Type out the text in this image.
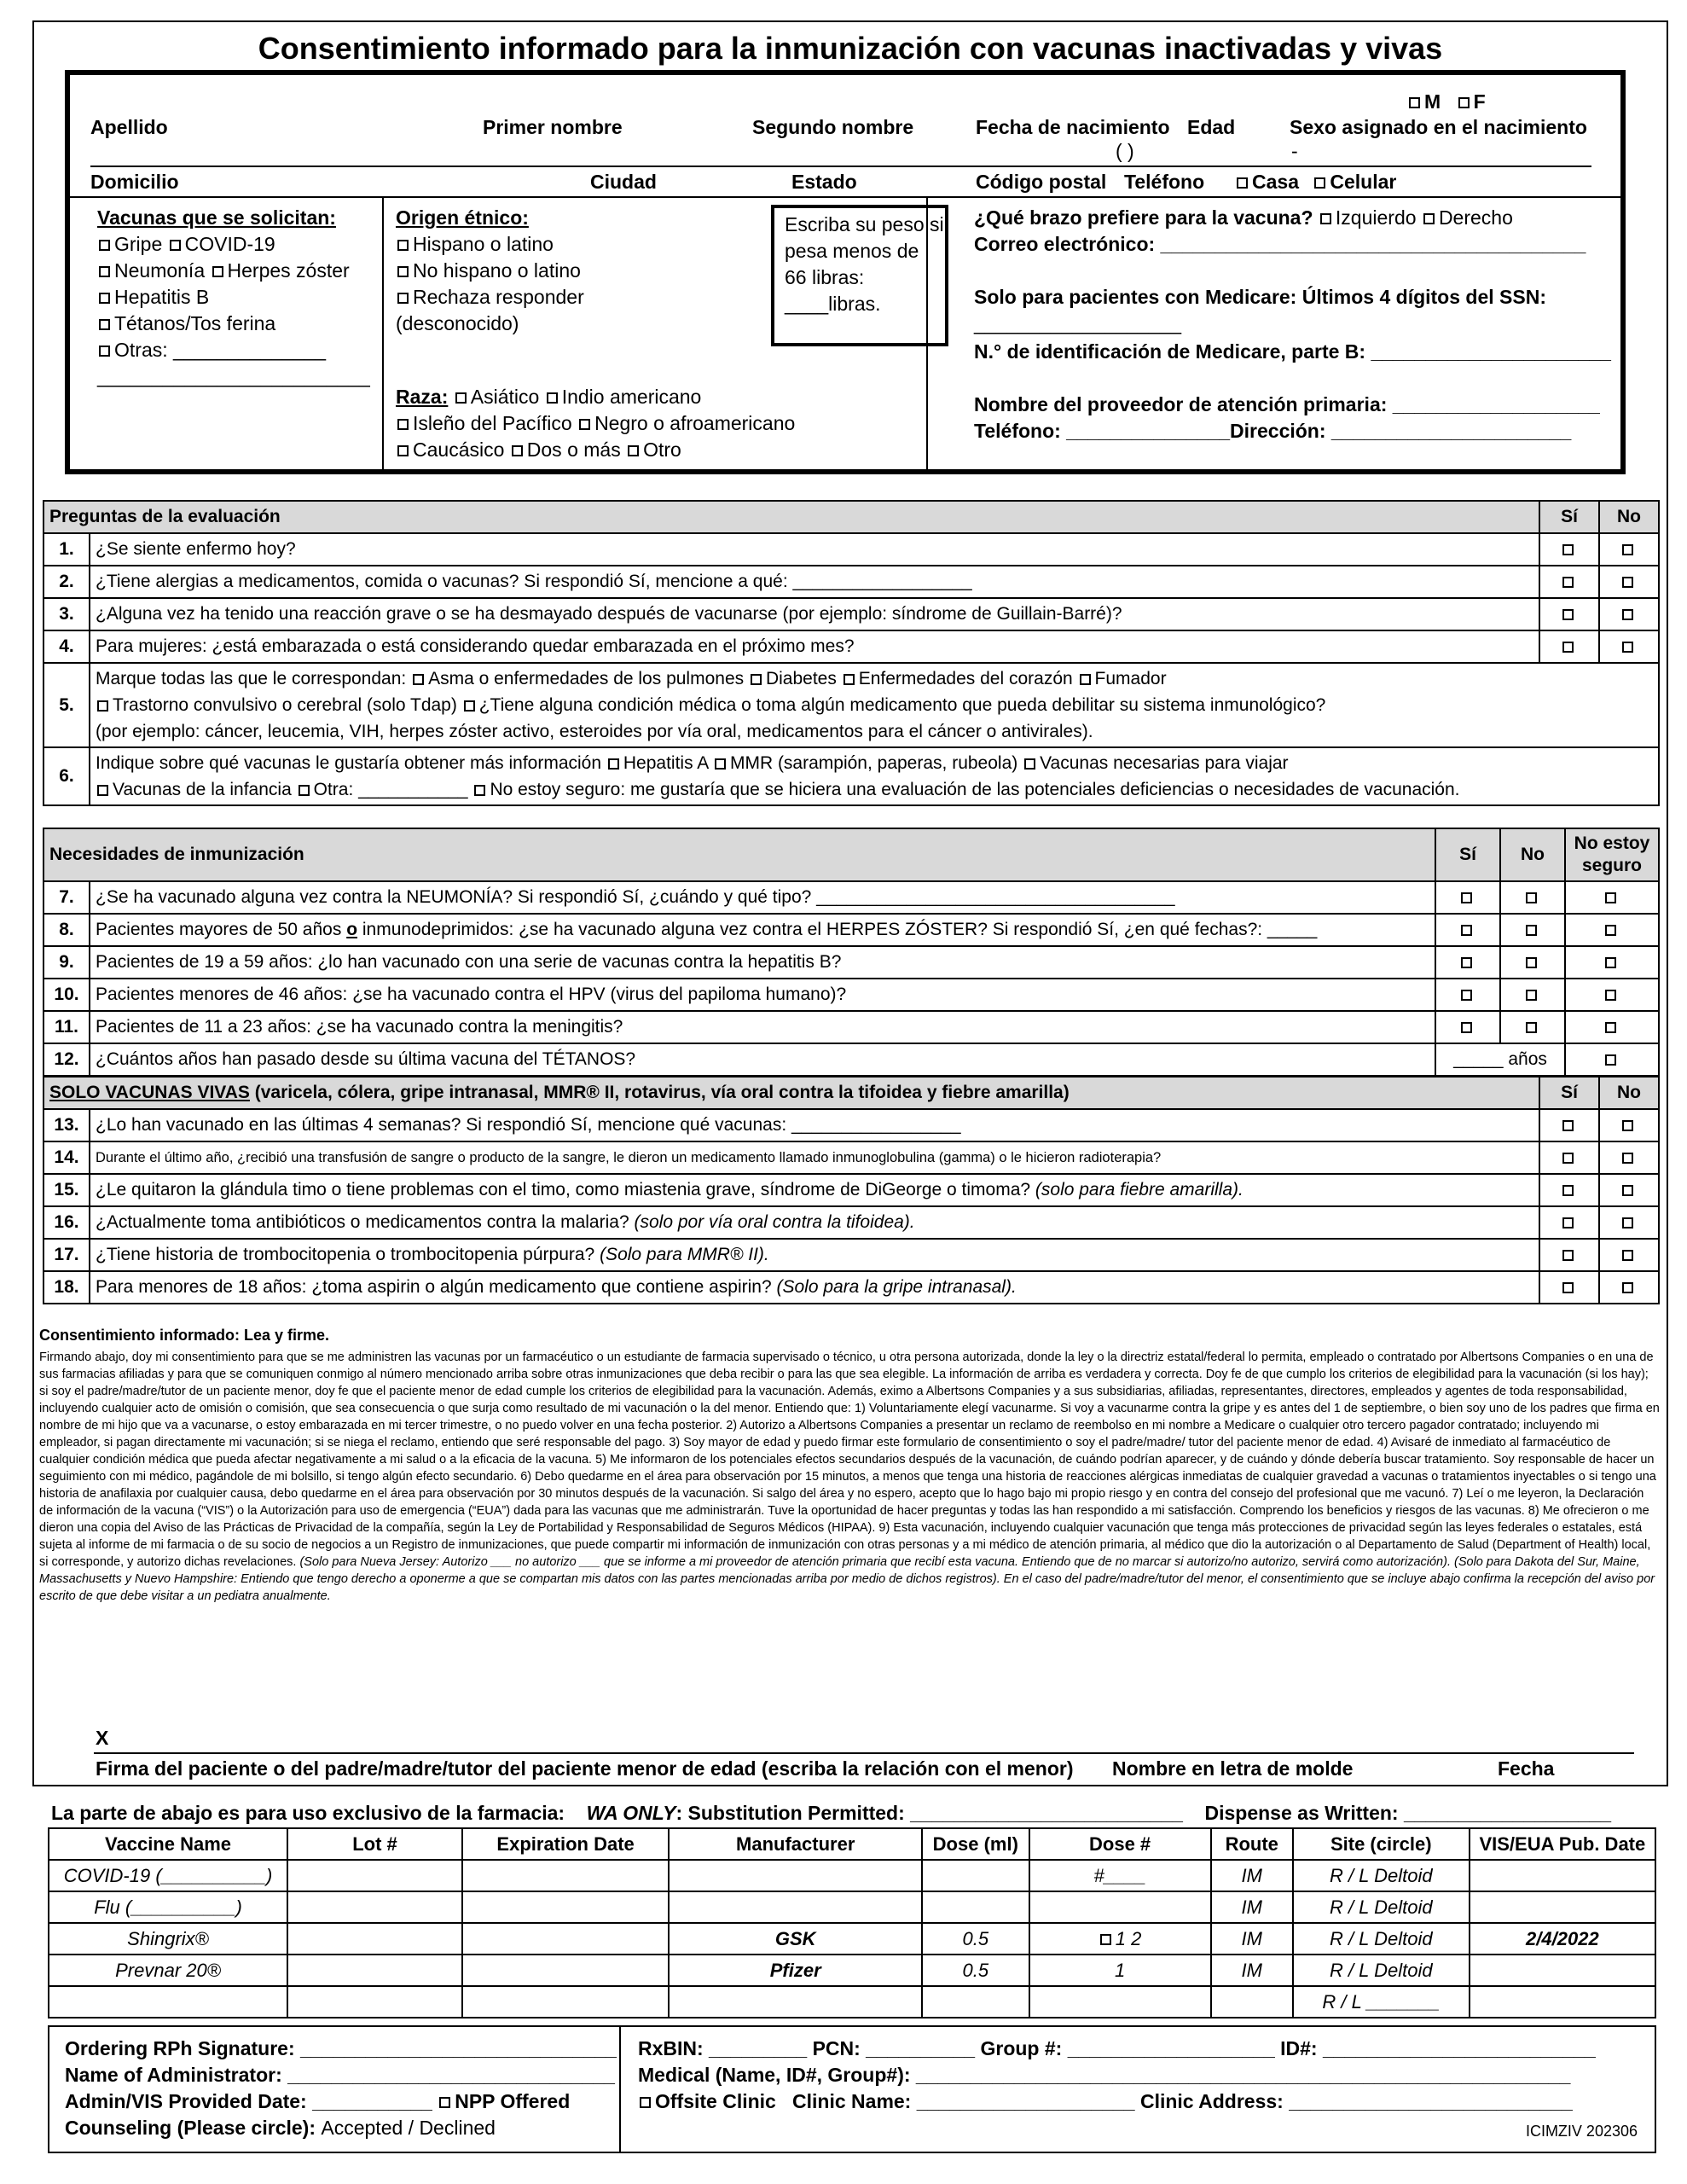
Consentimiento informado para la inmunización con vacunas inactivadas y vivas
M F
Apellido	Primer nombre	Segundo nombre	Fecha de nacimiento Edad	Sexo asignado en el nacimiento
( )	-
Domicilio	Ciudad	Estado	Código postal Teléfono	Casa Celular
Vacunas que se solicitan:
Gripe COVID-19
Neumonía Herpes zóster
Hepatitis B
Tétanos/Tos ferina
Otras: ______________
_________________________
Origen étnico:
Hispano o latino
No hispano o latino
Rechaza responder
(desconocido)
Raza: Asiático Indio americano
Isleño del Pacífico Negro o afroamericano
Caucásico Dos o más Otro
Escriba su peso si
pesa menos de
66 libras:
____libras.
¿Qué brazo prefiere para la vacuna? Izquierdo Derecho
Correo electrónico: _______________________________________
Solo para pacientes con Medicare: Últimos 4 dígitos del SSN:
___________________
N.° de identificación de Medicare, parte B: ______________________
Nombre del proveedor de atención primaria: ___________________
Teléfono: _______________Dirección: ______________________
Preguntas de la evaluación		Sí	No
1.	¿Se siente enfermo hoy?		
2.	¿Tiene alergias a medicamentos, comida o vacunas? Si respondió Sí, mencione a qué: __________________		
3.	¿Alguna vez ha tenido una reacción grave o se ha desmayado después de vacunarse (por ejemplo: síndrome de Guillain-Barré)?		
4.	Para mujeres: ¿está embarazada o está considerando quedar embarazada en el próximo mes?		
5.	Marque todas las que le correspondan: Asma o enfermedades de los pulmones Diabetes Enfermedades del corazón Fumador
Trastorno convulsivo o cerebral (solo Tdap) ¿Tiene alguna condición médica o toma algún medicamento que pueda debilitar su sistema inmunológico?
(por ejemplo: cáncer, leucemia, VIH, herpes zóster activo, esteroides por vía oral, medicamentos para el cáncer o antivirales).		

6.	Indique sobre qué vacunas le gustaría obtener más información Hepatitis A MMR (sarampión, paperas, rubeola) Vacunas necesarias para viajar
Vacunas de la infancia Otra: ___________ No estoy seguro: me gustaría que se hiciera una evaluación de las potenciales deficiencias o necesidades de vacunación.		
Necesidades de inmunización		Sí	No	No estoy
seguro

7.	¿Se ha vacunado alguna vez contra la NEUMONÍA? Si respondió Sí, ¿cuándo y qué tipo? ____________________________________			
8.	Pacientes mayores de 50 años o inmunodeprimidos: ¿se ha vacunado alguna vez contra el HERPES ZÓSTER? Si respondió Sí, ¿en qué fechas?: _____			
9.	Pacientes de 19 a 59 años: ¿lo han vacunado con una serie de vacunas contra la hepatitis B?			
10.	Pacientes menores de 46 años: ¿se ha vacunado contra el HPV (virus del papiloma humano)?			
11.	Pacientes de 11 a 23 años: ¿se ha vacunado contra la meningitis?			
12.	¿Cuántos años han pasado desde su última vacuna del TÉTANOS?	_____ años		
SOLO VACUNAS VIVAS (varicela, cólera, gripe intranasal, MMR® II, rotavirus, vía oral contra la tifoidea y fiebre amarilla)		Sí	No
13.	¿Lo han vacunado en las últimas 4 semanas? Si respondió Sí, mencione qué vacunas: _________________		
14.	Durante el último año, ¿recibió una transfusión de sangre o producto de la sangre, le dieron un medicamento llamado inmunoglobulina (gamma) o le hicieron radioterapia?		
15.	¿Le quitaron la glándula timo o tiene problemas con el timo, como miastenia grave, síndrome de DiGeorge o timoma? (solo para fiebre amarilla).		
16.	¿Actualmente toma antibióticos o medicamentos contra la malaria? (solo por vía oral contra la tifoidea).		
17.	¿Tiene historia de trombocitopenia o trombocitopenia púrpura? (Solo para MMR® II).		
18.	Para menores de 18 años: ¿toma aspirin o algún medicamento que contiene aspirin? (Solo para la gripe intranasal).		
Consentimiento informado: Lea y firme.
Firmando abajo, doy mi consentimiento para que se me administren las vacunas por un farmacéutico o un estudiante de farmacia supervisado o técnico, u otra persona autorizada, donde la ley o la directriz estatal/federal lo permita, empleado o contratado por Albertsons Companies o en una de sus farmacias afiliadas y para que se comuniquen conmigo al número mencionado arriba sobre otras inmunizaciones que deba recibir o para las que sea elegible. La información de arriba es verdadera y correcta. Doy fe de que cumplo los criterios de elegibilidad para la vacunación (si los hay); si soy el padre/madre/tutor de un paciente menor, doy fe que el paciente menor de edad cumple los criterios de elegibilidad para la vacunación. Además, eximo a Albertsons Companies y a sus subsidiarias, afiliadas, representantes, directores, empleados y agentes de toda responsabilidad, incluyendo cualquier acto de omisión o comisión, que sea consecuencia o que surja como resultado de mi vacunación o la del menor. Entiendo que: 1) Voluntariamente elegí vacunarme. Si voy a vacunarme contra la gripe y es antes del 1 de septiembre, o bien soy uno de los padres que firma en nombre de mi hijo que va a vacunarse, o estoy embarazada en mi tercer trimestre, o no puedo volver en una fecha posterior. 2) Autorizo a Albertsons Companies a presentar un reclamo de reembolso en mi nombre a Medicare o cualquier otro tercero pagador contratado; incluyendo mi empleador, si pagan directamente mi vacunación; si se niega el reclamo, entiendo que seré responsable del pago. 3) Soy mayor de edad y puedo firmar este formulario de consentimiento o soy el padre/madre/ tutor del paciente menor de edad. 4) Avisaré de inmediato al farmacéutico de cualquier condición médica que pueda afectar negativamente a mi salud o a la eficacia de la vacuna. 5) Me informaron de los potenciales efectos secundarios después de la vacunación, de cuándo podrían aparecer, y de cuándo y dónde debería buscar tratamiento. Soy responsable de hacer un seguimiento con mi médico, pagándole de mi bolsillo, si tengo algún efecto secundario. 6) Debo quedarme en el área para observación por 15 minutos, a menos que tenga una historia de reacciones alérgicas inmediatas de cualquier gravedad a vacunas o tratamientos inyectables o si tengo una historia de anafilaxia por cualquier causa, debo quedarme en el área para observación por 30 minutos después de la vacunación. Si salgo del área y no espero, acepto que lo hago bajo mi propio riesgo y en contra del consejo del profesional que me vacunó. 7) Leí o me leyeron, la Declaración de información de la vacuna (“VIS”) o la Autorización para uso de emergencia (“EUA”) dada para las vacunas que me administrarán. Tuve la oportunidad de hacer preguntas y todas las han respondido a mi satisfacción. Comprendo los beneficios y riesgos de las vacunas. 8) Me ofrecieron o me dieron una copia del Aviso de las Prácticas de Privacidad de la compañía, según la Ley de Portabilidad y Responsabilidad de Seguros Médicos (HIPAA). 9) Esta vacunación, incluyendo cualquier vacunación que tenga más protecciones de privacidad según las leyes federales o estatales, está sujeta al informe de mi farmacia o de su socio de negocios a un Registro de inmunizaciones, que puede compartir mi información de inmunización con otras personas y a mi médico de atención primaria, al médico que dio la autorización o al Departamento de Salud (Department of Health) local, si corresponde, y autorizo dichas revelaciones. (Solo para Nueva Jersey: Autorizo ___ no autorizo ___ que se informe a mi proveedor de atención primaria que recibí esta vacuna. Entiendo que de no marcar si autorizo/no autorizo, servirá como autorización). (Solo para Dakota del Sur, Maine, Massachusetts y Nuevo Hampshire: Entiendo que tengo derecho a oponerme a que se compartan mis datos con las partes mencionadas arriba por medio de dichos registros). En el caso del padre/madre/tutor del menor, el consentimiento que se incluye abajo confirma la recepción del aviso por escrito de que debe visitar a un pediatra anualmente.
X
Firma del paciente o del padre/madre/tutor del paciente menor de edad (escriba la relación con el menor) Nombre en letra de molde	Fecha
La parte de abajo es para uso exclusivo de la farmacia: WA ONLY: Substitution Permitted: _________________________ Dispense as Written: ___________________
Vaccine Name	Lot #	Expiration Date	Manufacturer	Dose (ml)	Dose #	Route	Site (circle)	VIS/EUA Pub. Date
COVID-19 (__________)					#____	IM	R / L Deltoid	
Flu (__________)						IM	R / L Deltoid	
Shingrix®			GSK	0.5	1 2	IM	R / L Deltoid	2/4/2022
Prevnar 20®			Pfizer	0.5	1	IM	R / L Deltoid	
							R / L _______	
Ordering RPh Signature: _____________________________
Name of Administrator: ______________________________
Admin/VIS Provided Date: ___________ NPP Offered
Counseling (Please circle): Accepted / Declined
RxBIN: _________ PCN: __________ Group #: ___________________ ID#: _________________________
Medical (Name, ID#, Group#): ____________________________________________________________
Offsite Clinic Clinic Name: ____________________ Clinic Address: __________________________
ICIMZIV 202306
